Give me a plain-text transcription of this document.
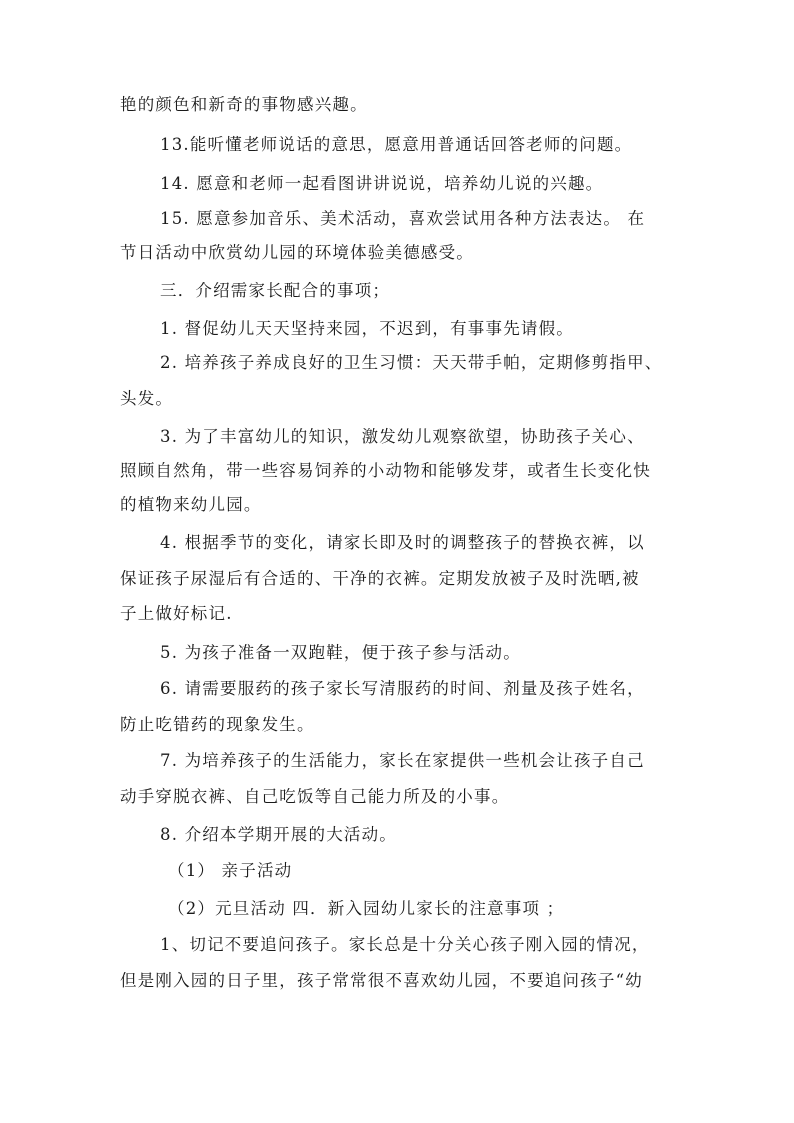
艳的颜色和新奇的事物感兴趣。
13.能听懂老师说话的意思，愿意用普通话回答老师的问题。
14. 愿意和老师一起看图讲讲说说，培养幼儿说的兴趣。
15. 愿意参加音乐、美术活动，喜欢尝试用各种方法表达。 在
节日活动中欣赏幼儿园的环境体验美德感受。
三．介绍需家长配合的事项；
1. 督促幼儿天天坚持来园，不迟到，有事事先请假。
2. 培养孩子养成良好的卫生习惯：天天带手帕，定期修剪指甲、
头发。
3. 为了丰富幼儿的知识，激发幼儿观察欲望，协助孩子关心、
照顾自然角，带一些容易饲养的小动物和能够发芽，或者生长变化快
的植物来幼儿园。
4. 根据季节的变化，请家长即及时的调整孩子的替换衣裤，以
保证孩子尿湿后有合适的、干净的衣裤。定期发放被子及时洗晒,被
子上做好标记.
5. 为孩子准备一双跑鞋，便于孩子参与活动。
6. 请需要服药的孩子家长写清服药的时间、剂量及孩子姓名，
防止吃错药的现象发生。
7. 为培养孩子的生活能力，家长在家提供一些机会让孩子自己
动手穿脱衣裤、自己吃饭等自己能力所及的小事。
8. 介绍本学期开展的大活动。
（1） 亲子活动
（2）元旦活动 四．新入园幼儿家长的注意事项 ；
1、切记不要追问孩子。家长总是十分关心孩子刚入园的情况，
但是刚入园的日子里，孩子常常很不喜欢幼儿园，不要追问孩子“幼
